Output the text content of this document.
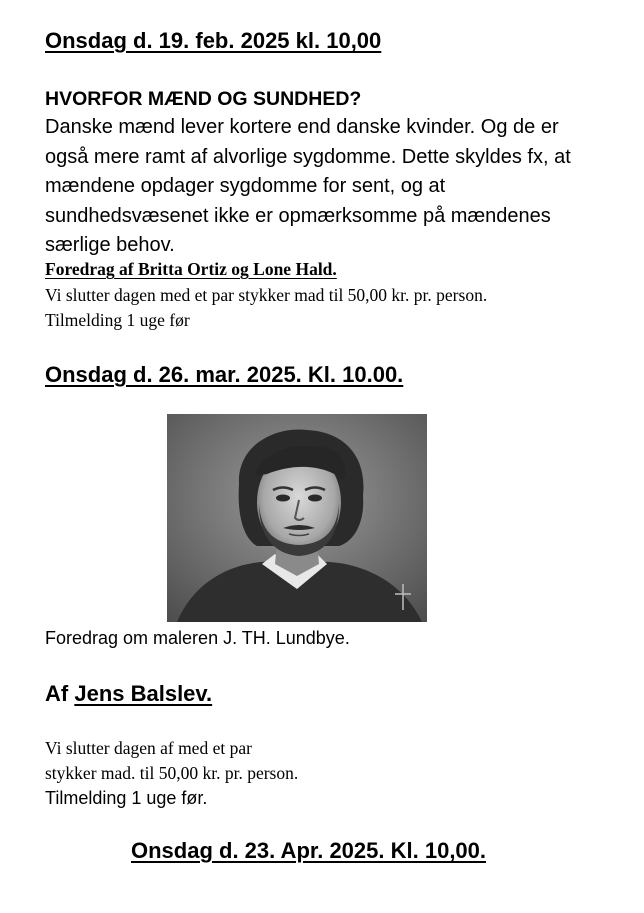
Onsdag d. 19. feb. 2025 kl. 10,00
HVORFOR MÆND OG SUNDHED?
Danske mænd lever kortere end danske kvinder. Og de er
også mere ramt af alvorlige sygdomme. Dette skyldes fx, at
mændene opdager sygdomme for sent, og at
sundhedsvæsenet ikke er opmærksomme på mændenes
særlige behov.
Foredrag af Britta Ortiz og Lone Hald.
Vi slutter dagen med et par stykker mad til 50,00 kr. pr. person.
Tilmelding 1 uge før
Onsdag d. 26. mar. 2025. Kl. 10.00.
Foredrag om maleren J. TH. Lundbye.
Af Jens Balslev.
Vi slutter dagen af med et par
stykker mad. til 50,00 kr. pr. person.
Tilmelding 1 uge før.
Onsdag d. 23. Apr. 2025. Kl. 10,00.
